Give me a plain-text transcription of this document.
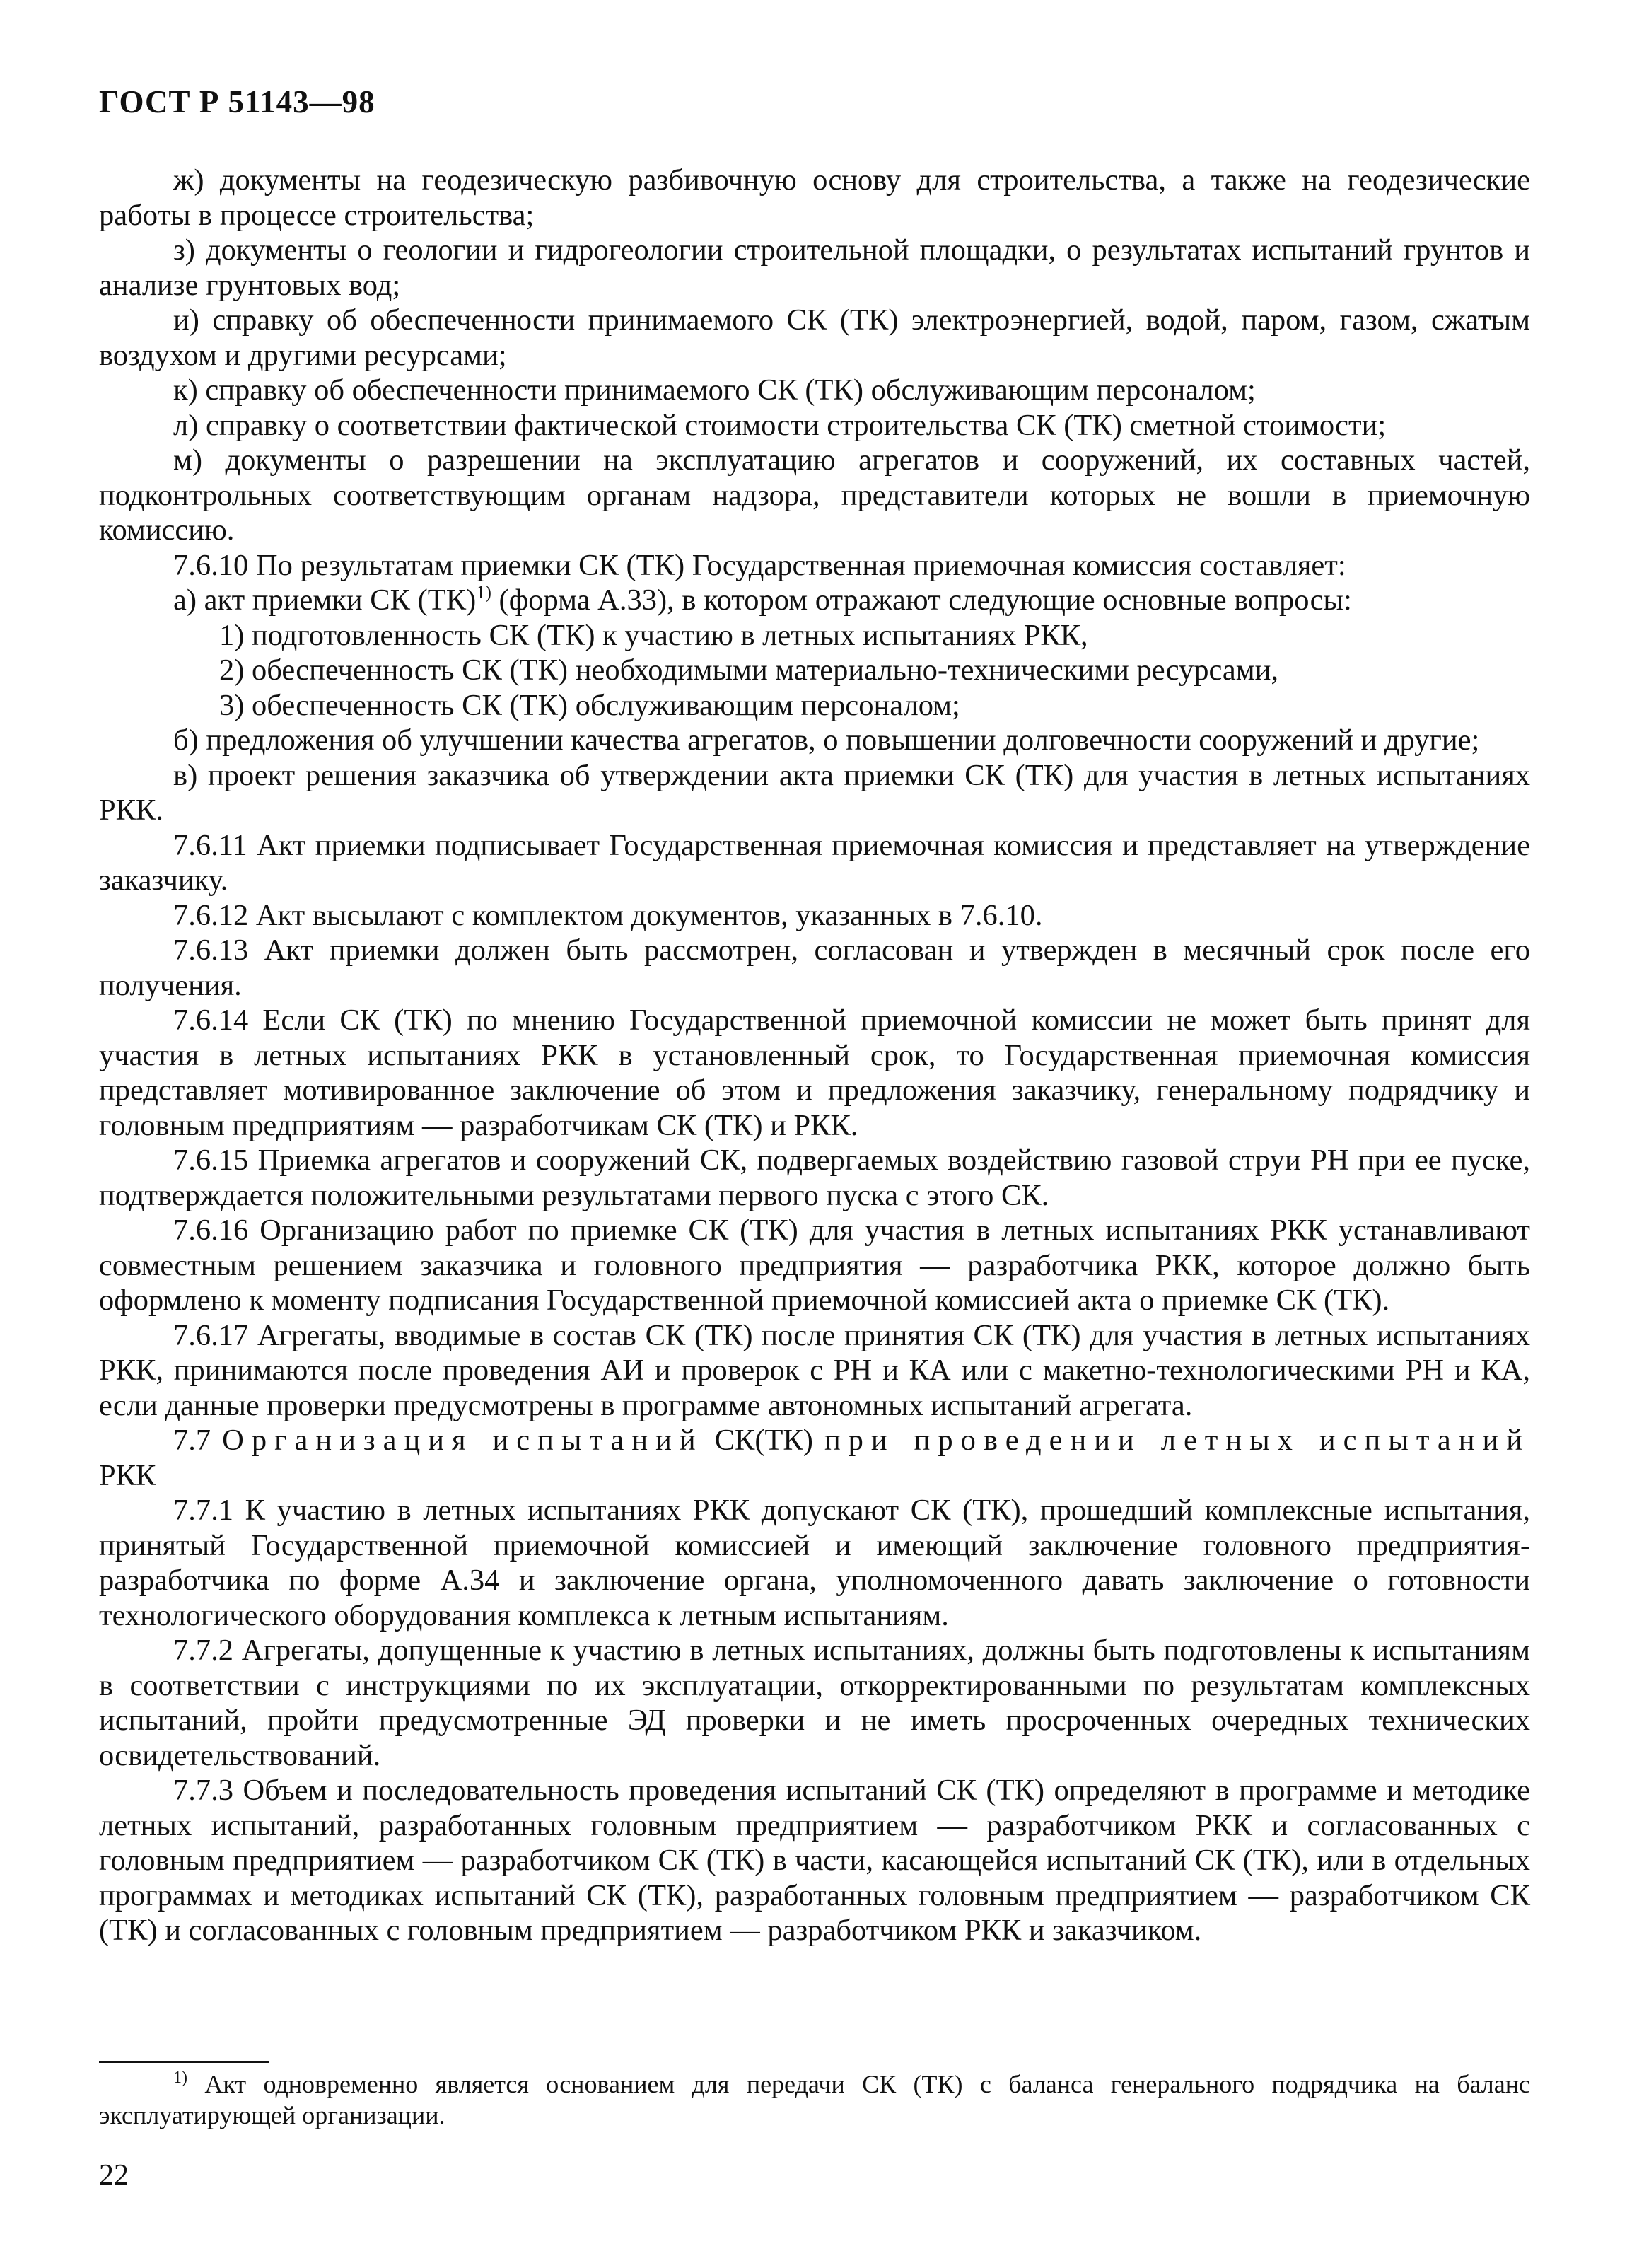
ГОСТ Р 51143—98

ж) документы на геодезическую разбивочную основу для строительства, а также на геодезические работы в процессе строительства;

з) документы о геологии и гидрогеологии строительной площадки, о результатах испытаний грунтов и анализе грунтовых вод;

и) справку об обеспеченности принимаемого СК (ТК) электроэнергией, водой, паром, газом, сжатым воздухом и другими ресурсами;

к) справку об обеспеченности принимаемого СК (ТК) обслуживающим персоналом;

л) справку о соответствии фактической стоимости строительства СК (ТК) сметной стоимости;

м) документы о разрешении на эксплуатацию агрегатов и сооружений, их составных частей, подконтрольных соответствующим органам надзора, представители которых не вошли в приемочную комиссию.

7.6.10 По результатам приемки СК (ТК) Государственная приемочная комиссия составляет:

а) акт приемки СК (ТК)$^{1)}$ (форма А.33), в котором отражают следующие основные вопросы:

1) подготовленность СК (ТК) к участию в летных испытаниях РКК,

2) обеспеченность СК (ТК) необходимыми материально-техническими ресурсами,

3) обеспеченность СК (ТК) обслуживающим персоналом;

б) предложения об улучшении качества агрегатов, о повышении долговечности сооружений и другие;

в) проект решения заказчика об утверждении акта приемки СК (ТК) для участия в летных испытаниях РКК.

7.6.11 Акт приемки подписывает Государственная приемочная комиссия и представляет на утверждение заказчику.

7.6.12 Акт высылают с комплектом документов, указанных в 7.6.10.

7.6.13 Акт приемки должен быть рассмотрен, согласован и утвержден в месячный срок после его получения.

7.6.14 Если СК (ТК) по мнению Государственной приемочной комиссии не может быть принят для участия в летных испытаниях РКК в установленный срок, то Государственная приемочная комиссия представляет мотивированное заключение об этом и предложения заказчику, генеральному подрядчику и головным предприятиям — разработчикам СК (ТК) и РКК.

7.6.15 Приемка агрегатов и сооружений СК, подвергаемых воздействию газовой струи РН при ее пуске, подтверждается положительными результатами первого пуска с этого СК.

7.6.16 Организацию работ по приемке СК (ТК) для участия в летных испытаниях РКК устанавливают совместным решением заказчика и головного предприятия — разработчика РКК, которое должно быть оформлено к моменту подписания Государственной приемочной комиссией акта о приемке СК (ТК).

7.6.17 Агрегаты, вводимые в состав СК (ТК) после принятия СК (ТК) для участия в летных испытаниях РКК, принимаются после проведения АИ и проверок с РН и КА или с макетно-технологическими РН и КА, если данные проверки предусмотрены в программе автономных испытаний агрегата.

7.7 Организация испытаний СК(ТК) при проведении летных испытаний РКК

7.7.1 К участию в летных испытаниях РКК допускают СК (ТК), прошедший комплексные испытания, принятый Государственной приемочной комиссией и имеющий заключение головного предприятия-разработчика по форме А.34 и заключение органа, уполномоченного давать заключение о готовности технологического оборудования комплекса к летным испытаниям.

7.7.2 Агрегаты, допущенные к участию в летных испытаниях, должны быть подготовлены к испытаниям в соответствии с инструкциями по их эксплуатации, откорректированными по результатам комплексных испытаний, пройти предусмотренные ЭД проверки и не иметь просроченных очередных технических освидетельствований.

7.7.3 Объем и последовательность проведения испытаний СК (ТК) определяют в программе и методике летных испытаний, разработанных головным предприятием — разработчиком РКК и согласованных с головным предприятием — разработчиком СК (ТК) в части, касающейся испытаний СК (ТК), или в отдельных программах и методиках испытаний СК (ТК), разработанных головным предприятием — разработчиком СК (ТК) и согласованных с головным предприятием — разработчиком РКК и заказчиком.

$^{1)}$ Акт одновременно является основанием для передачи СК (ТК) с баланса генерального подрядчика на баланс эксплуатирующей организации.

22
